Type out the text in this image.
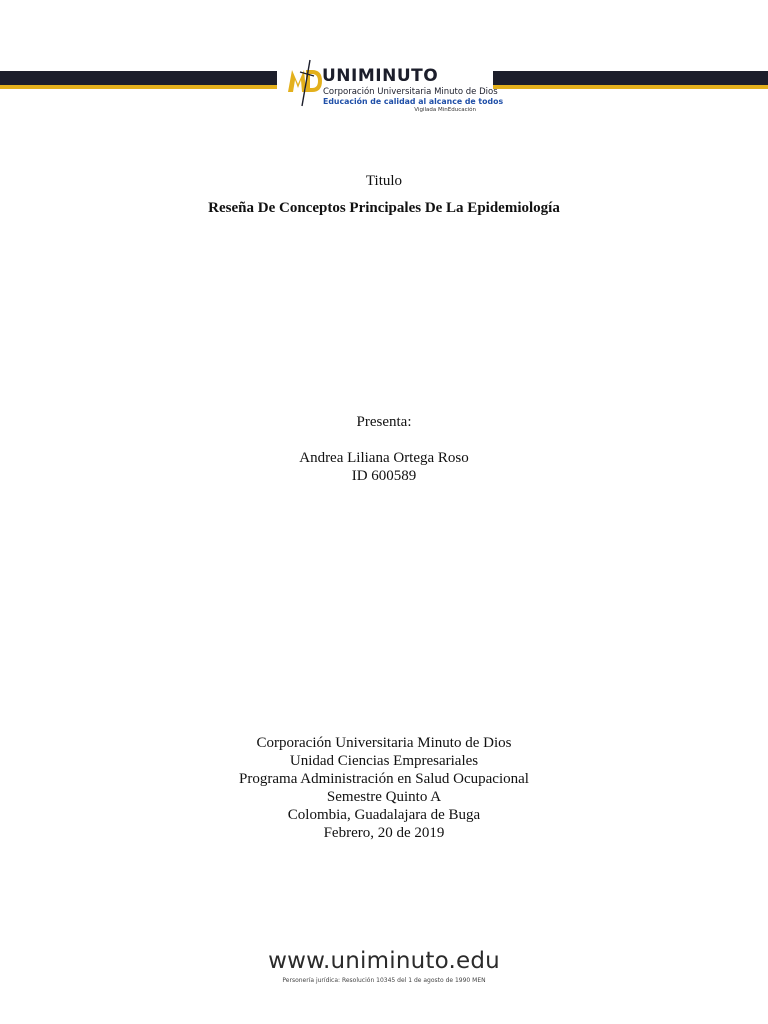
UNIMINUTO
Corporación Universitaria Minuto de Dios
Educación de calidad al alcance de todos
Vigilada MinEducación
Titulo
Reseña De Conceptos Principales De La Epidemiología
Presenta:
Andrea Liliana Ortega Roso
ID 600589
Corporación Universitaria Minuto de Dios
Unidad Ciencias Empresariales
Programa Administración en Salud Ocupacional
Semestre Quinto A
Colombia, Guadalajara de Buga
Febrero, 20 de 2019
www.uniminuto.edu
Personería jurídica: Resolución 10345 del 1 de agosto de 1990 MEN
